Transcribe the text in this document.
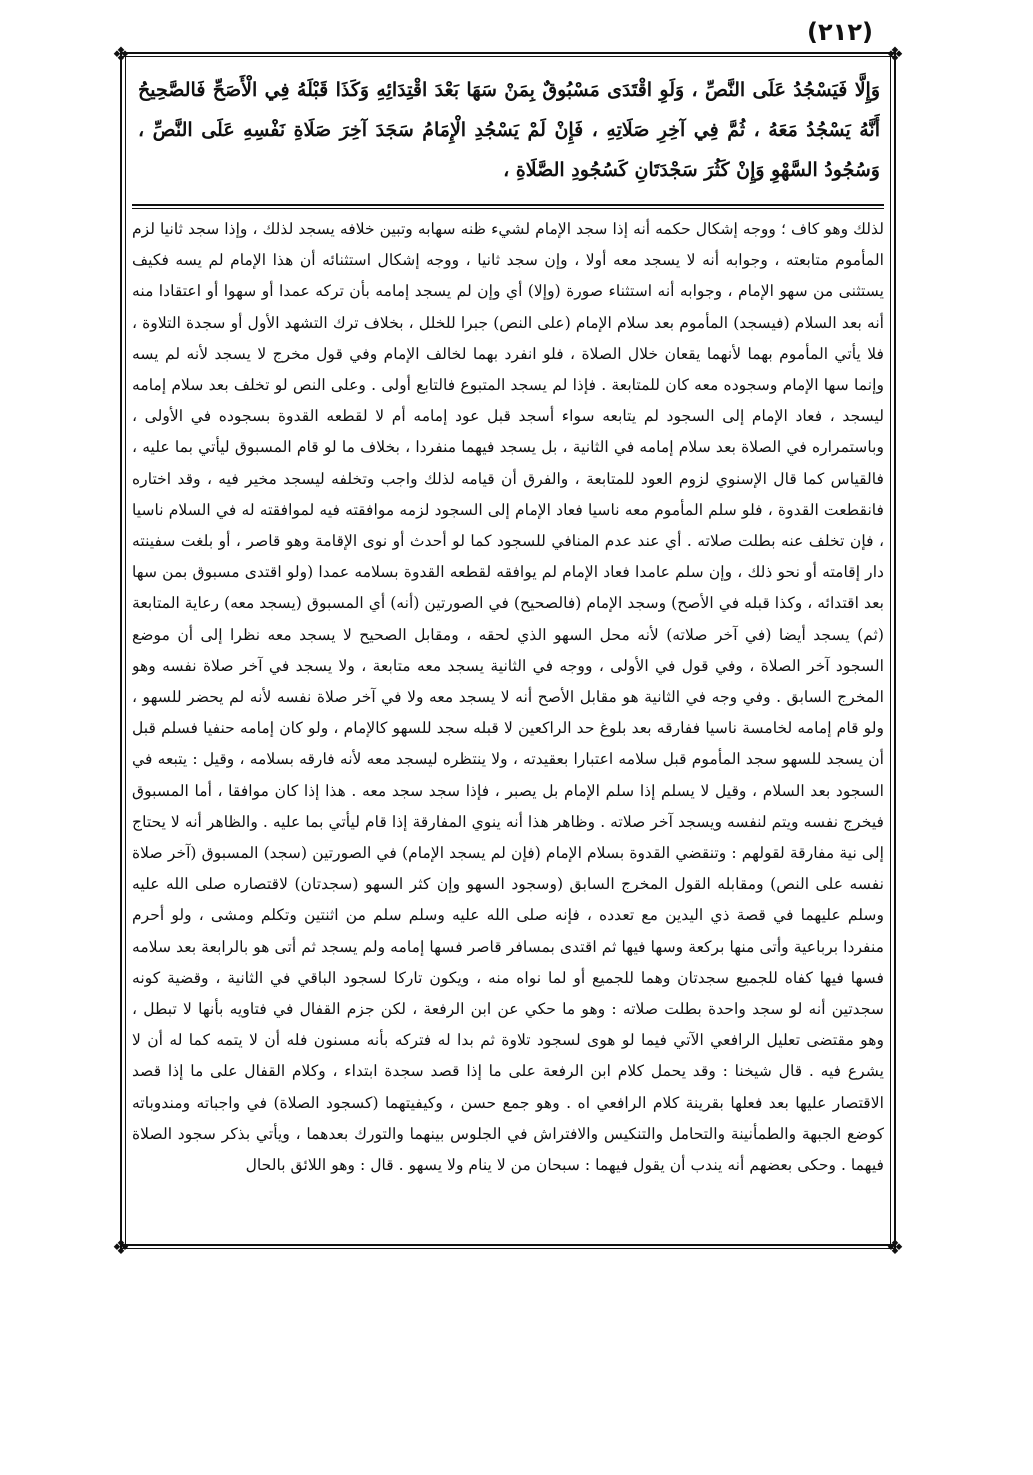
(٢١٢)
❖	❖
❖	❖
وَإِلَّا فَيَسْجُدُ عَلَى النَّصِّ ، وَلَوِ اقْتَدَى مَسْبُوقٌ بِمَنْ سَهَا بَعْدَ اقْتِدَائِهِ وَكَذَا قَبْلَهُ فِي الْأَصَحِّ فَالصَّحِيحُ أَنَّهُ يَسْجُدُ مَعَهُ ، ثُمَّ فِي آخِرِ صَلَاتِهِ ، فَإِنْ لَمْ يَسْجُدِ الْإِمَامُ سَجَدَ آخِرَ صَلَاةِ نَفْسِهِ عَلَى النَّصِّ ، وَسُجُودُ السَّهْوِ وَإِنْ كَثُرَ سَجْدَتَانِ كَسُجُودِ الصَّلَاةِ ،

لذلك وهو كاف ؛ ووجه إشكال حكمه أنه إذا سجد الإمام لشيء ظنه سهابه وتبين خلافه يسجد لذلك ، وإذا سجد ثانيا لزم المأموم متابعته ، وجوابه أنه لا يسجد معه أولا ، وإن سجد ثانيا ، ووجه إشكال استثنائه أن هذا الإمام لم يسه فكيف يستثنى من سهو الإمام ، وجوابه أنه استثناء صورة (وإلا) أي وإن لم يسجد إمامه بأن تركه عمدا أو سهوا أو اعتقادا منه أنه بعد السلام (فيسجد) المأموم بعد سلام الإمام (على النص) جبرا للخلل ، بخلاف ترك التشهد الأول أو سجدة التلاوة ، فلا يأتي المأموم بهما لأنهما يقعان خلال الصلاة ، فلو انفرد بهما لخالف الإمام وفي قول مخرج لا يسجد لأنه لم يسه وإنما سها الإمام وسجوده معه كان للمتابعة . فإذا لم يسجد المتبوع فالتابع أولى . وعلى النص لو تخلف بعد سلام إمامه ليسجد ، فعاد الإمام إلى السجود لم يتابعه سواء أسجد قبل عود إمامه أم لا لقطعه القدوة بسجوده في الأولى ، وباستمراره في الصلاة بعد سلام إمامه في الثانية ، بل يسجد فيهما منفردا ، بخلاف ما لو قام المسبوق ليأتي بما عليه ، فالقياس كما قال الإسنوي لزوم العود للمتابعة ، والفرق أن قيامه لذلك واجب وتخلفه ليسجد مخير فيه ، وقد اختاره فانقطعت القدوة ، فلو سلم المأموم معه ناسيا فعاد الإمام إلى السجود لزمه موافقته فيه لموافقته له في السلام ناسيا ، فإن تخلف عنه بطلت صلاته . أي عند عدم المنافي للسجود كما لو أحدث أو نوى الإقامة وهو قاصر ، أو بلغت سفينته دار إقامته أو نحو ذلك ، وإن سلم عامدا فعاد الإمام لم يوافقه لقطعه القدوة بسلامه عمدا (ولو اقتدى مسبوق بمن سها بعد اقتدائه ، وكذا قبله في الأصح) وسجد الإمام (فالصحيح) في الصورتين (أنه) أي المسبوق (يسجد معه) رعاية المتابعة (ثم) يسجد أيضا (في آخر صلاته) لأنه محل السهو الذي لحقه ، ومقابل الصحيح لا يسجد معه نظرا إلى أن موضع السجود آخر الصلاة ، وفي قول في الأولى ، ووجه في الثانية يسجد معه متابعة ، ولا يسجد في آخر صلاة نفسه وهو المخرج السابق . وفي وجه في الثانية هو مقابل الأصح أنه لا يسجد معه ولا في آخر صلاة نفسه لأنه لم يحضر للسهو ، ولو قام إمامه لخامسة ناسيا ففارقه بعد بلوغ حد الراكعين لا قبله سجد للسهو كالإمام ، ولو كان إمامه حنفيا فسلم قبل أن يسجد للسهو سجد المأموم قبل سلامه اعتبارا بعقيدته ، ولا ينتظره ليسجد معه لأنه فارقه بسلامه ، وقيل : يتبعه في السجود بعد السلام ، وقيل لا يسلم إذا سلم الإمام بل يصبر ، فإذا سجد سجد معه . هذا إذا كان موافقا ، أما المسبوق فيخرج نفسه ويتم لنفسه ويسجد آخر صلاته . وظاهر هذا أنه ينوي المفارقة إذا قام ليأتي بما عليه . والظاهر أنه لا يحتاج إلى نية مفارقة لقولهم : وتنقضي القدوة بسلام الإمام (فإن لم يسجد الإمام) في الصورتين (سجد) المسبوق (آخر صلاة نفسه على النص) ومقابله القول المخرج السابق (وسجود السهو وإن كثر السهو (سجدتان) لاقتصاره صلى الله عليه وسلم عليهما في قصة ذي اليدين مع تعدده ، فإنه صلى الله عليه وسلم سلم من اثنتين وتكلم ومشى ، ولو أحرم منفردا برباعية وأتى منها بركعة وسها فيها ثم اقتدى بمسافر قاصر فسها إمامه ولم يسجد ثم أتى هو بالرابعة بعد سلامه فسها فيها كفاه للجميع سجدتان وهما للجميع أو لما نواه منه ، ويكون تاركا لسجود الباقي في الثانية ، وقضية كونه سجدتين أنه لو سجد واحدة بطلت صلاته : وهو ما حكي عن ابن الرفعة ، لكن جزم القفال في فتاويه بأنها لا تبطل ، وهو مقتضى تعليل الرافعي الآتي فيما لو هوى لسجود تلاوة ثم بدا له فتركه بأنه مسنون فله أن لا يتمه كما له أن لا يشرع فيه . قال شيخنا : وقد يحمل كلام ابن الرفعة على ما إذا قصد سجدة ابتداء ، وكلام القفال على ما إذا قصد الاقتصار عليها بعد فعلها بقرينة كلام الرافعي اه . وهو جمع حسن ، وكيفيتهما (كسجود الصلاة) في واجباته ومندوباته كوضع الجبهة والطمأنينة والتحامل والتنكيس والافتراش في الجلوس بينهما والتورك بعدهما ، ويأتي بذكر سجود الصلاة فيهما . وحكى بعضهم أنه يندب أن يقول فيهما : سبحان من لا ينام ولا يسهو . قال : وهو اللائق بالحال
